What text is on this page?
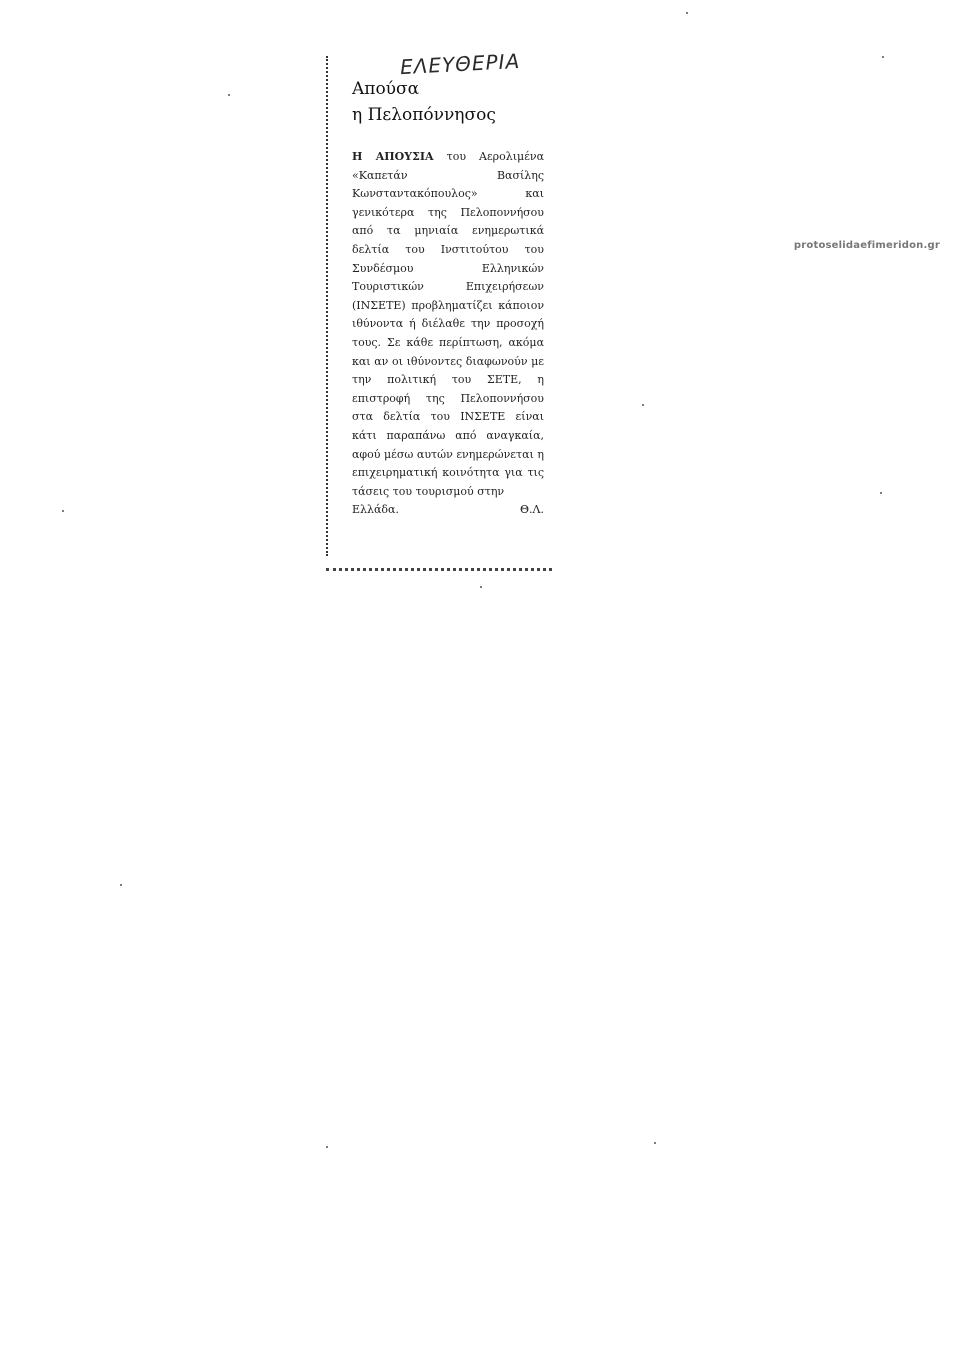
protoselidaefimeridon.gr
ΕΛΕΥΘΕΡΙΑ
Απούσα
η Πελοπόννησος
Η ΑΠΟΥΣΙΑ του Αερολιμένα «Καπετάν Βασίλης Κωνσταντακόπουλος» και γενικότερα της Πελοποννήσου από τα μηνιαία ενημερωτικά δελτία του Ινστιτούτου του Συνδέσμου Ελληνικών Τουριστικών Επιχειρήσεων (ΙΝΣΕΤΕ) προβληματίζει κάποιον ιθύνοντα ή διέλαθε την προσοχή τους. Σε κάθε περίπτωση, ακόμα και αν οι ιθύνοντες διαφωνούν με την πολιτική του ΣΕΤΕ, η επιστροφή της Πελοποννήσου στα δελτία του ΙΝΣΕΤΕ είναι κάτι παραπάνω από αναγκαία, αφού μέσω αυτών ενημερώνεται η επιχειρηματική κοινότητα για τις τάσεις του τουρισμού στην
Ελλάδα.	Θ.Λ.
